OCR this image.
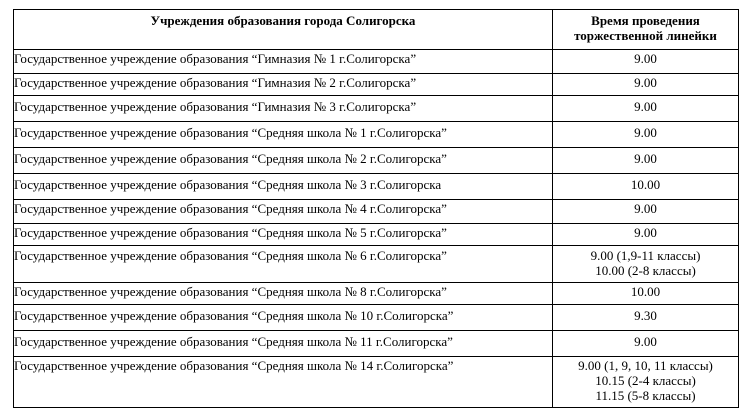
Учреждения образования города Солигорска	Время проведения
торжественной линейки

Государственное учреждение образования “Гимназия № 1 г.Солигорска”	9.00

Государственное учреждение образования “Гимназия № 2 г.Солигорска”	9.00

Государственное учреждение образования “Гимназия № 3 г.Солигорска”	9.00

Государственное учреждение образования “Средняя школа № 1 г.Солигорска”	9.00

Государственное учреждение образования “Средняя школа № 2 г.Солигорска”	9.00

Государственное учреждение образования “Средняя школа № 3 г.Солигорска	10.00

Государственное учреждение образования “Средняя школа № 4 г.Солигорска”	9.00

Государственное учреждение образования “Средняя школа № 5 г.Солигорска”	9.00

Государственное учреждение образования “Средняя школа № 6 г.Солигорска”	9.00 (1,9-11 классы)
10.00 (2-8 классы)

Государственное учреждение образования “Средняя школа № 8 г.Солигорска”	10.00

Государственное учреждение образования “Средняя школа № 10 г.Солигорска”	9.30

Государственное учреждение образования “Средняя школа № 11 г.Солигорска”	9.00

Государственное учреждение образования “Средняя школа № 14 г.Солигорска”	9.00 (1, 9, 10, 11 классы)
10.15 (2-4 классы)
11.15 (5-8 классы)
